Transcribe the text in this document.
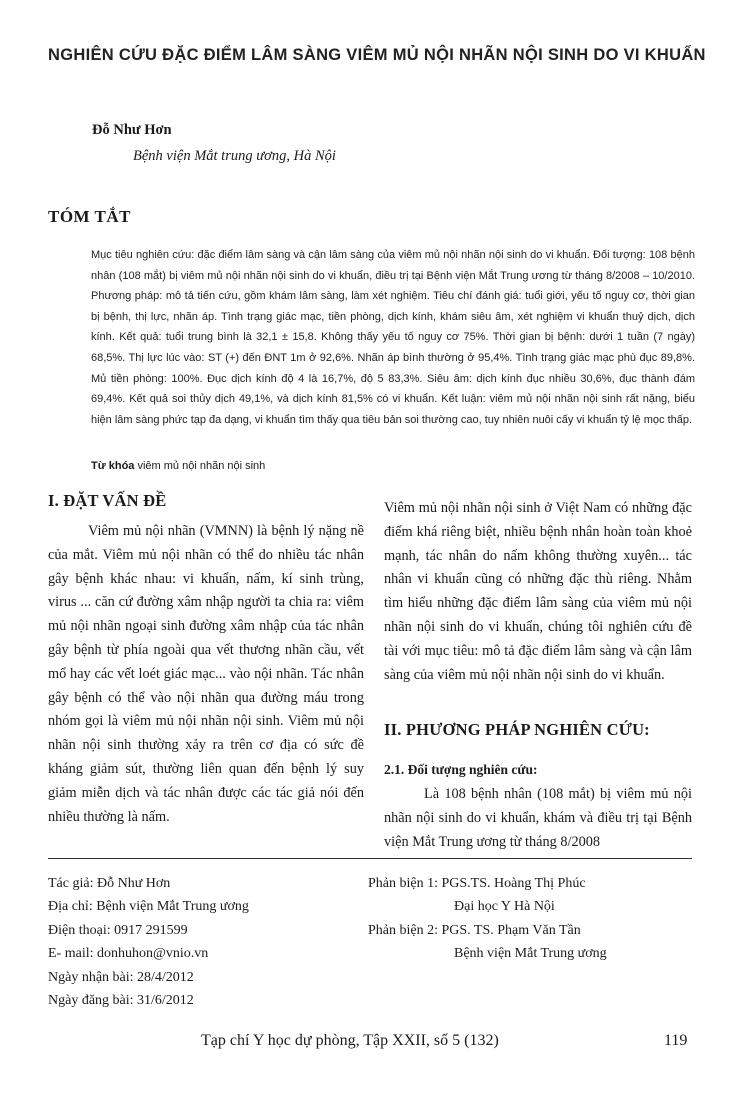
NGHIÊN CỨU ĐẶC ĐIỂM LÂM SÀNG VIÊM MỦ NỘI NHÃN NỘI SINH DO VI KHUẨN
Đỗ Như Hơn
Bệnh viện Mắt trung ương, Hà Nội
TÓM TẮT
Mục tiêu nghiên cứu: đặc điểm lâm sàng và cận lâm sàng của viêm mủ nội nhãn nội sinh do vi khuẩn. Đối tượng: 108 bệnh nhân (108 mắt) bị viêm mủ nội nhãn nội sinh do vi khuẩn, điều trị tại Bệnh viện Mắt Trung ương từ tháng 8/2008 – 10/2010. Phương pháp: mô tả tiến cứu, gồm khám lâm sàng, làm xét nghiệm. Tiêu chí đánh giá: tuổi giới, yếu tố nguy cơ, thời gian bị bệnh, thị lực, nhãn áp. Tình trạng giác mạc, tiền phòng, dịch kính, khám siêu âm, xét nghiệm vi khuẩn thuỷ dịch, dịch kính. Kết quả: tuổi trung bình là 32,1 ± 15,8. Không thấy yếu tố nguy cơ 75%. Thời gian bị bệnh: dưới 1 tuần (7 ngày) 68,5%. Thị lực lúc vào: ST (+) đến ĐNT 1m ở 92,6%. Nhãn áp bình thường ở 95,4%. Tình trạng giác mạc phù đục 89,8%. Mủ tiền phòng: 100%. Đục dịch kính độ 4 là 16,7%, độ 5 83,3%. Siêu âm: dịch kính đục nhiều 30,6%, đục thành đám 69,4%. Kết quả soi thủy dịch 49,1%, và dịch kính 81,5% có vi khuẩn. Kết luận: viêm mủ nội nhãn nội sinh rất nặng, biểu hiện lâm sàng phức tạp đa dạng, vi khuẩn tìm thấy qua tiêu bản soi thường cao, tuy nhiên nuôi cấy vi khuẩn tỷ lệ mọc thấp.
Từ khóa viêm mủ nội nhãn nội sinh
I. ĐẶT VẤN ĐỀ

Viêm mủ nội nhãn (VMNN) là bệnh lý nặng nề của mắt. Viêm mủ nội nhãn có thể do nhiều tác nhân gây bệnh khác nhau: vi khuẩn, nấm, kí sinh trùng, virus ... căn cứ đường xâm nhập người ta chia ra: viêm mủ nội nhãn ngoại sinh đường xâm nhập của tác nhân gây bệnh từ phía ngoài qua vết thương nhãn cầu, vết mổ hay các vết loét giác mạc... vào nội nhãn. Tác nhân gây bệnh có thể vào nội nhãn qua đường máu trong nhóm gọi là viêm mủ nội nhãn nội sinh. Viêm mủ nội nhãn nội sinh thường xảy ra trên cơ địa có sức đề kháng giảm sút, thường liên quan đến bệnh lý suy giảm miễn dịch và tác nhân được các tác giả nói đến nhiều thường là nấm.

Viêm mủ nội nhãn nội sinh ở Việt Nam có những đặc điểm khá riêng biệt, nhiều bệnh nhân hoàn toàn khoẻ mạnh, tác nhân do nấm không thường xuyên... tác nhân vi khuẩn cũng có những đặc thù riêng. Nhằm tìm hiểu những đặc điểm lâm sàng của viêm mủ nội nhãn nội sinh do vi khuẩn, chúng tôi nghiên cứu đề tài với mục tiêu: mô tả đặc điểm lâm sàng và cận lâm sàng của viêm mủ nội nhãn nội sinh do vi khuẩn.

II. PHƯƠNG PHÁP NGHIÊN CỨU:
2.1. Đối tượng nghiên cứu:

Là 108 bệnh nhân (108 mắt) bị viêm mủ nội nhãn nội sinh do vi khuẩn, khám và điều trị tại Bệnh viện Mắt Trung ương từ tháng 8/2008

Tác giả: Đỗ Như Hơn
Địa chỉ: Bệnh viện Mắt Trung ương
Điện thoại: 0917 291599
E- mail: donhuhon@vnio.vn
Ngày nhận bài: 28/4/2012
Ngày đăng bài: 31/6/2012
Phản biện 1: PGS.TS. Hoàng Thị Phúc
Đại học Y Hà Nội
Phản biện 2: PGS. TS. Phạm Văn Tần
Bệnh viện Mắt Trung ương
Tạp chí Y học dự phòng, Tập XXII, số 5 (132)	119
